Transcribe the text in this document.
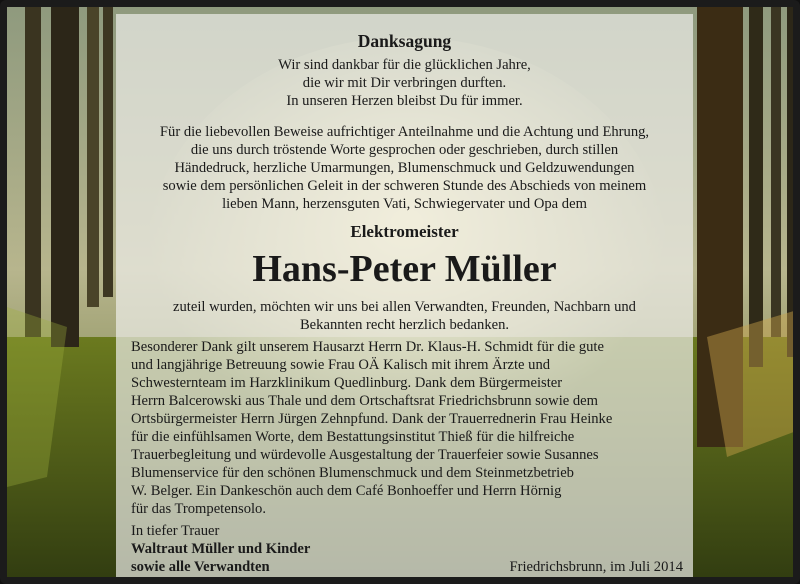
Danksagung
Wir sind dankbar für die glücklichen Jahre,
die wir mit Dir verbringen durften.
In unseren Herzen bleibst Du für immer.
Für die liebevollen Beweise aufrichtiger Anteilnahme und die Achtung und Ehrung,
die uns durch tröstende Worte gesprochen oder geschrieben, durch stillen
Händedruck, herzliche Umarmungen, Blumenschmuck und Geldzuwendungen
sowie dem persönlichen Geleit in der schweren Stunde des Abschieds von meinem
lieben Mann, herzensguten Vati, Schwiegervater und Opa dem
Elektromeister
Hans-Peter Müller
zuteil wurden, möchten wir uns bei allen Verwandten, Freunden, Nachbarn und
Bekannten recht herzlich bedanken.
Besonderer Dank gilt unserem Hausarzt Herrn Dr. Klaus-H. Schmidt für die gute
und langjährige Betreuung sowie Frau OÄ Kalisch mit ihrem Ärzte und
Schwesternteam im Harzklinikum Quedlinburg. Dank dem Bürgermeister
Herrn Balcerowski aus Thale und dem Ortschaftsrat Friedrichsbrunn sowie dem
Ortsbürgermeister Herrn Jürgen Zehnpfund. Dank der Trauerrednerin Frau Heinke
für die einfühlsamen Worte, dem Bestattungsinstitut Thieß für die hilfreiche
Trauerbegleitung und würdevolle Ausgestaltung der Trauerfeier sowie Susannes
Blumenservice für den schönen Blumenschmuck und dem Steinmetzbetrieb
W. Belger. Ein Dankeschön auch dem Café Bonhoeffer und Herrn Hörnig
für das Trompetensolo.
In tiefer Trauer
Waltraut Müller und Kinder
sowie alle Verwandten	Friedrichsbrunn, im Juli 2014
